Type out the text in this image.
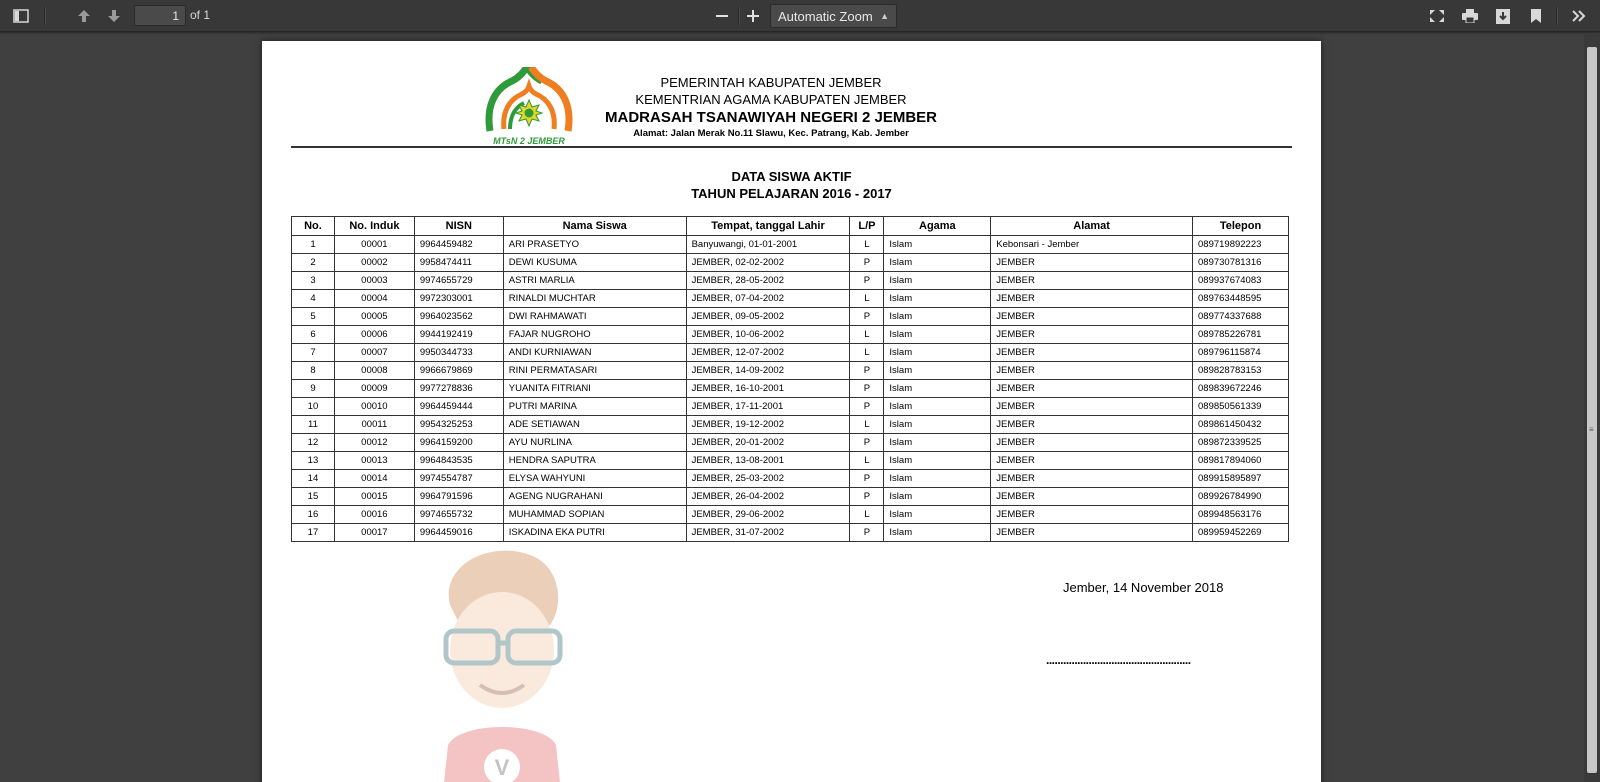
1
of 1	Automatic Zoom ▲︎
≡
MTsN 2 JEMBER
PEMERINTAH KABUPATEN JEMBER
KEMENTRIAN AGAMA KABUPATEN JEMBER
MADRASAH TSANAWIYAH NEGERI 2 JEMBER
Alamat: Jalan Merak No.11 Slawu, Kec. Patrang, Kab. Jember
DATA SISWA AKTIF
TAHUN PELAJARAN 2016 - 2017
No.	No. Induk	NISN	Nama Siswa	Tempat, tanggal Lahir	L/P	Agama	Alamat	Telepon
1	00001	9964459482	ARI PRASETYO	Banyuwangi, 01-01-2001	L	Islam	Kebonsari - Jember	089719892223
2	00002	9958474411	DEWI KUSUMA	JEMBER, 02-02-2002	P	Islam	JEMBER	089730781316
3	00003	9974655729	ASTRI MARLIA	JEMBER, 28-05-2002	P	Islam	JEMBER	089937674083
4	00004	9972303001	RINALDI MUCHTAR	JEMBER, 07-04-2002	L	Islam	JEMBER	089763448595
5	00005	9964023562	DWI RAHMAWATI	JEMBER, 09-05-2002	P	Islam	JEMBER	089774337688
6	00006	9944192419	FAJAR NUGROHO	JEMBER, 10-06-2002	L	Islam	JEMBER	089785226781
7	00007	9950344733	ANDI KURNIAWAN	JEMBER, 12-07-2002	L	Islam	JEMBER	089796115874
8	00008	9966679869	RINI PERMATASARI	JEMBER, 14-09-2002	P	Islam	JEMBER	089828783153
9	00009	9977278836	YUANITA FITRIANI	JEMBER, 16-10-2001	P	Islam	JEMBER	089839672246
10	00010	9964459444	PUTRI MARINA	JEMBER, 17-11-2001	P	Islam	JEMBER	089850561339
11	00011	9954325253	ADE SETIAWAN	JEMBER, 19-12-2002	L	Islam	JEMBER	089861450432
12	00012	9964159200	AYU NURLINA	JEMBER, 20-01-2002	P	Islam	JEMBER	089872339525
13	00013	9964843535	HENDRA SAPUTRA	JEMBER, 13-08-2001	L	Islam	JEMBER	089817894060
14	00014	9974554787	ELYSA WAHYUNI	JEMBER, 25-03-2002	P	Islam	JEMBER	089915895897
15	00015	9964791596	AGENG NUGRAHANI	JEMBER, 26-04-2002	P	Islam	JEMBER	089926784990
16	00016	9974655732	MUHAMMAD SOPIAN	JEMBER, 29-06-2002	L	Islam	JEMBER	089948563176
17	00017	9964459016	ISKADINA EKA PUTRI	JEMBER, 31-07-2002	P	Islam	JEMBER	089959452269
Jember, 14 November 2018
...................................................
V
